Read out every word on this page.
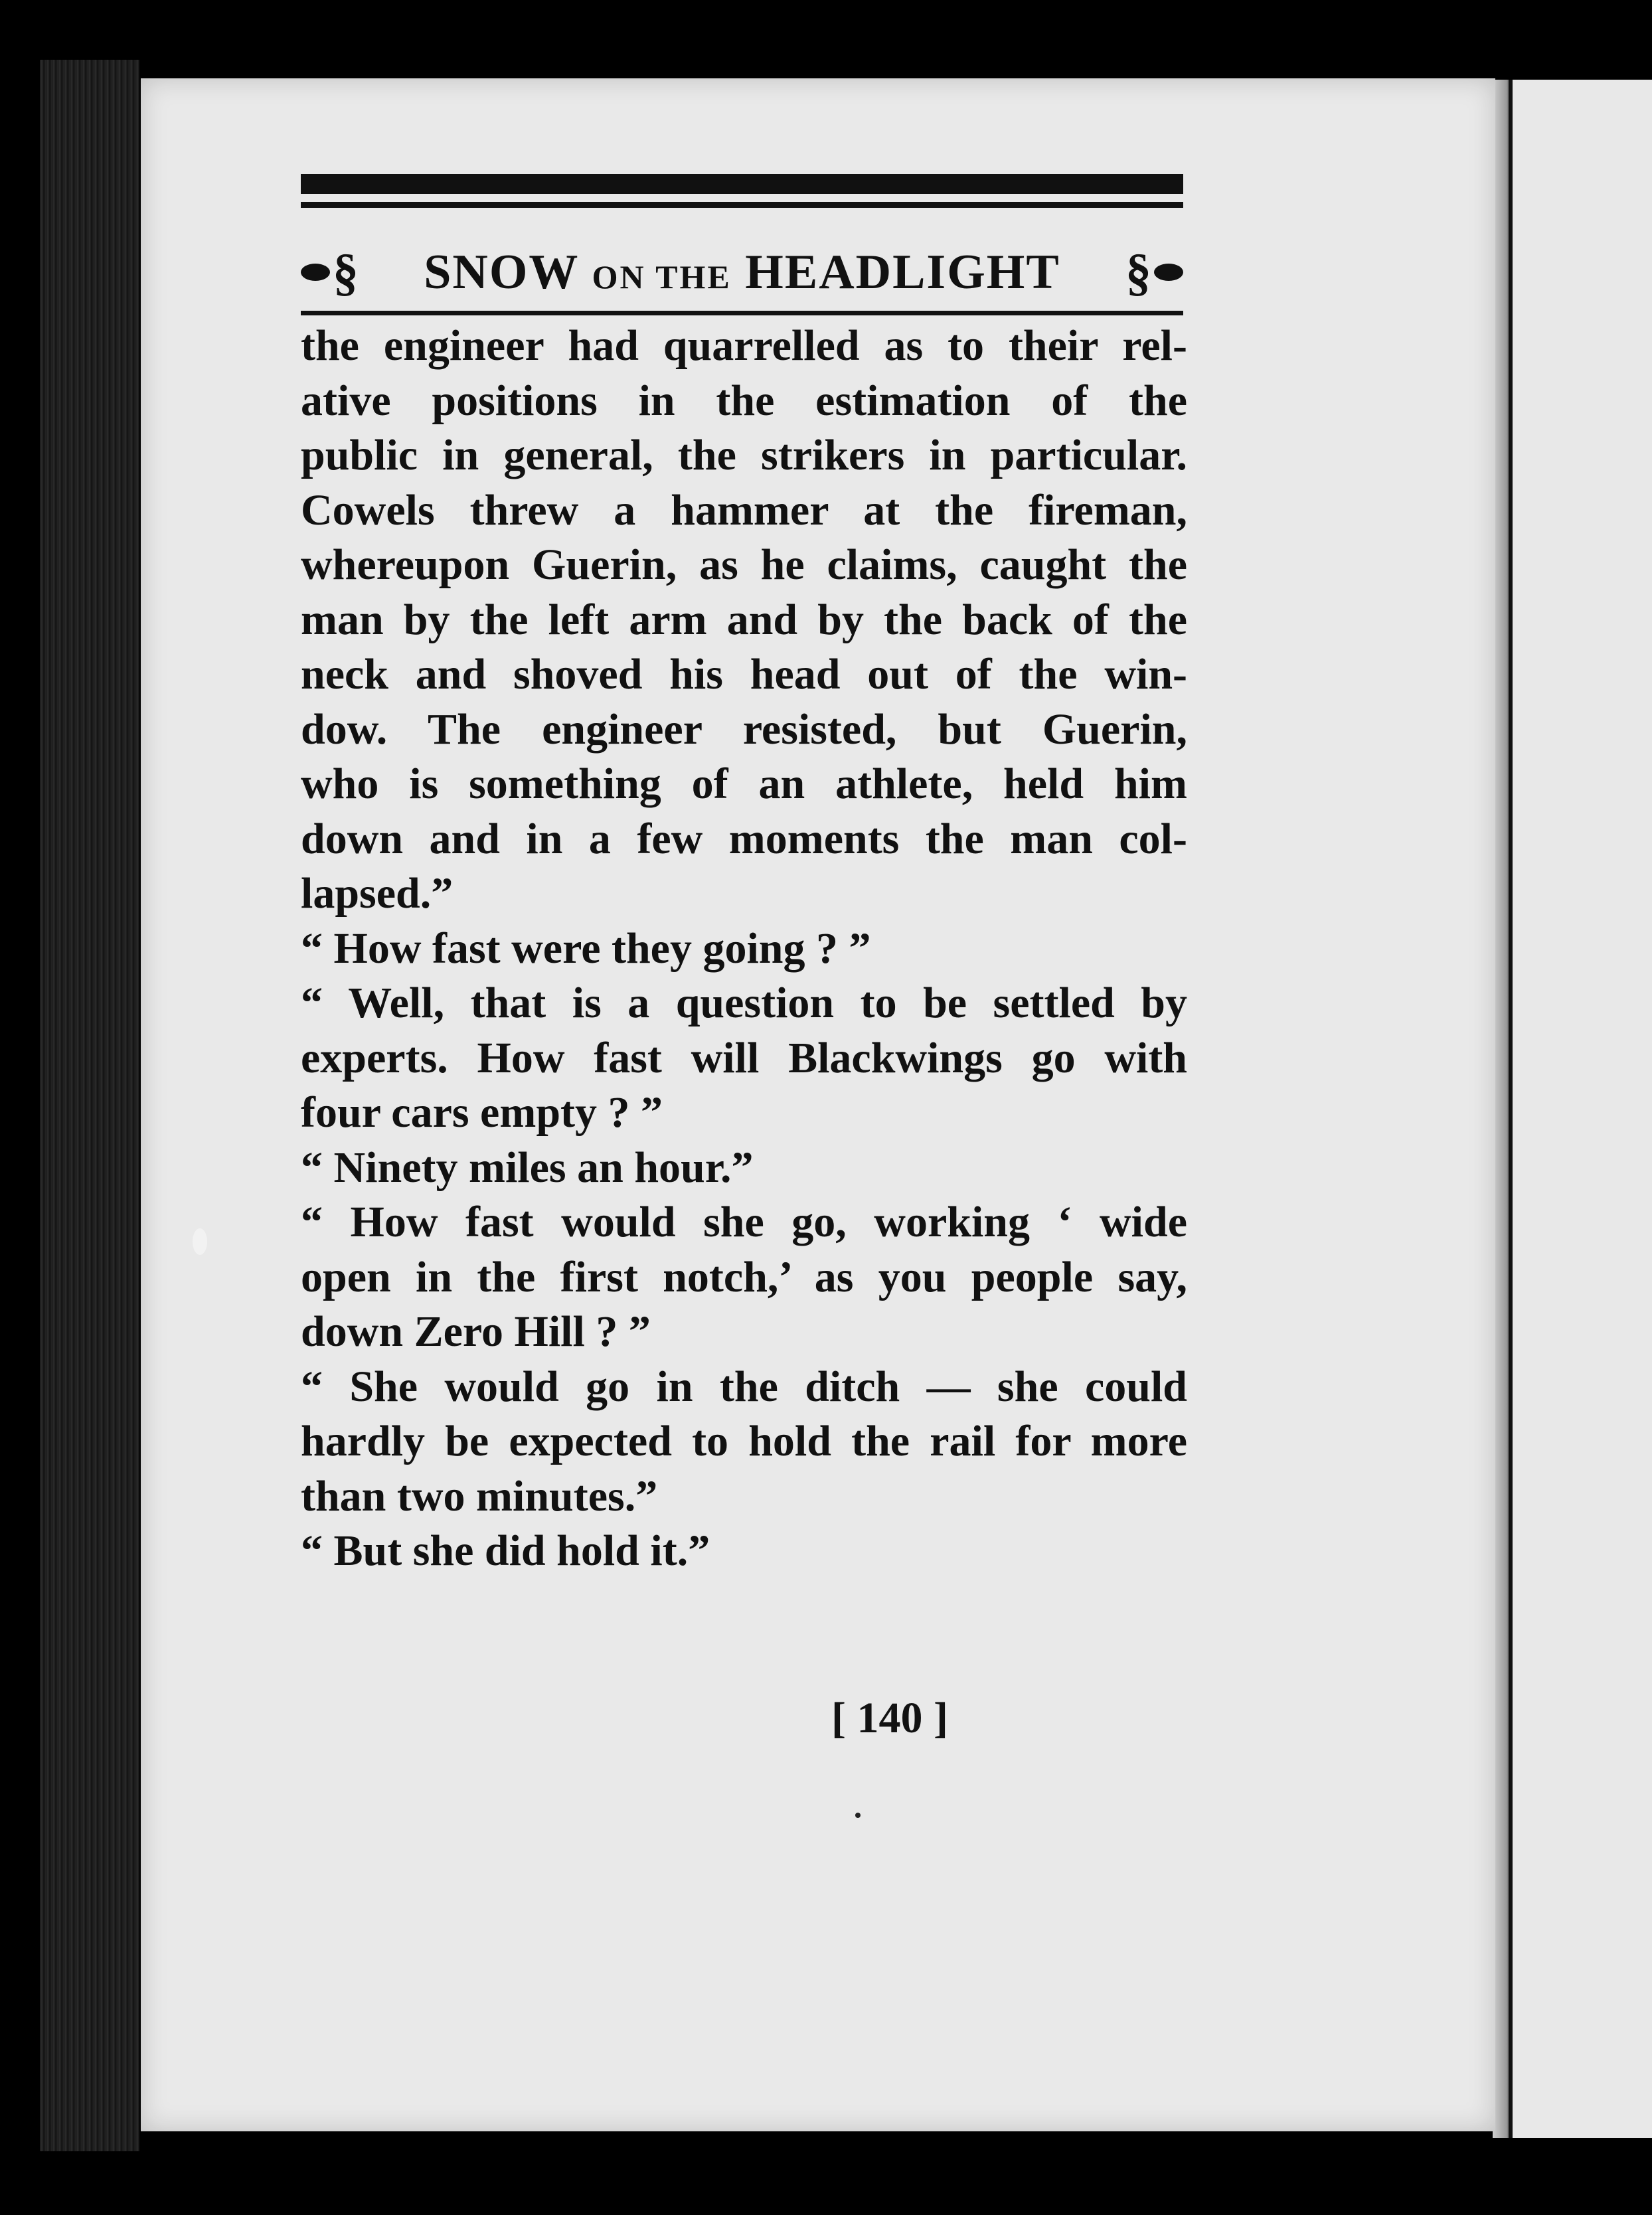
§ SNOW ON THE HEADLIGHT §
the engineer had quarrelled as to their rel-
ative positions in the estimation of the
public in general, the strikers in particular.
Cowels threw a hammer at the fireman,
whereupon Guerin, as he claims, caught the
man by the left arm and by the back of the
neck and shoved his head out of the win-
dow. The engineer resisted, but Guerin,
who is something of an athlete, held him
down and in a few moments the man col-
lapsed.”
“ How fast were they going ? ”
“ Well, that is a question to be settled by
experts. How fast will Blackwings go with
four cars empty ? ”
“ Ninety miles an hour.”
“ How fast would she go, working ‘ wide
open in the first notch,’ as you people say,
down Zero Hill ? ”
“ She would go in the ditch — she could
hardly be expected to hold the rail for more
than two minutes.”
“ But she did hold it.”
[ 140 ]
